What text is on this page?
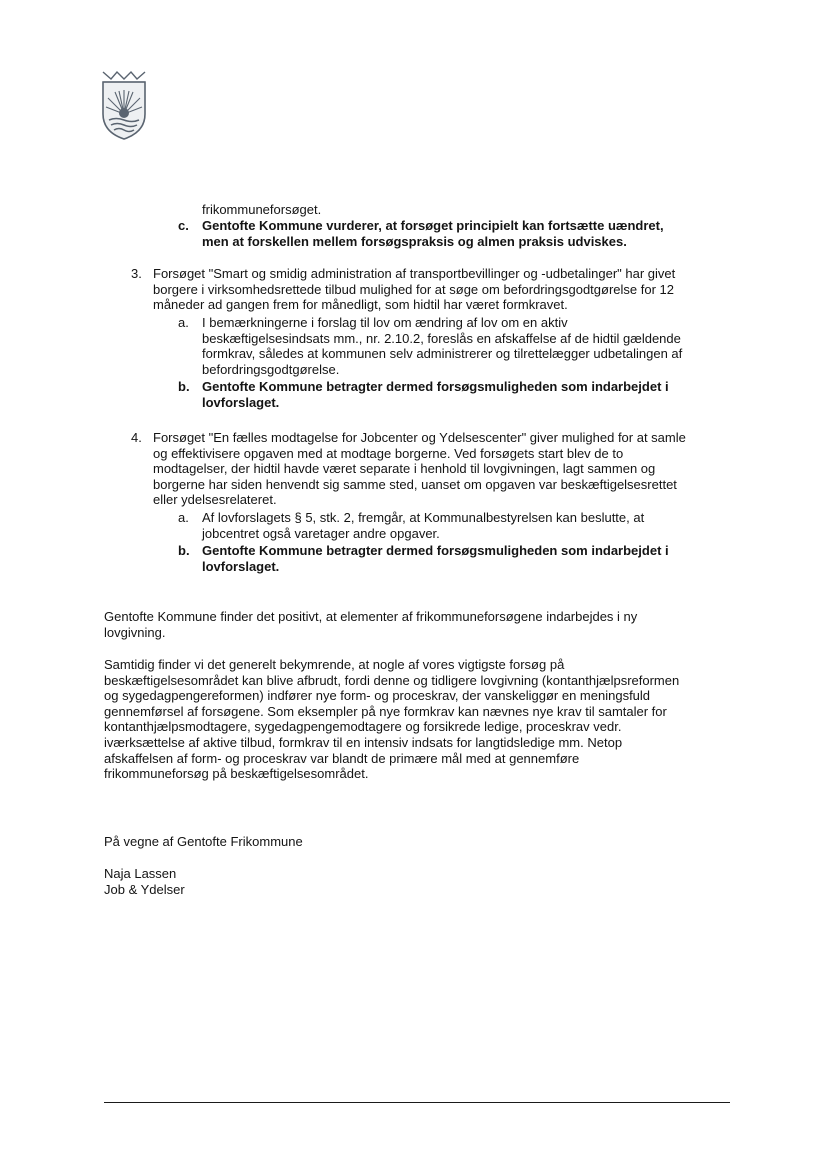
frikommuneforsøget.

c. Gentofte Kommune vurderer, at forsøget principielt kan fortsætte uændret,
men at forskellen mellem forsøgspraksis og almen praksis udviskes.

3. Forsøget "Smart og smidig administration af transportbevillinger og -udbetalinger" har givet
borgere i virksomhedsrettede tilbud mulighed for at søge om befordringsgodtgørelse for 12
måneder ad gangen frem for månedligt, som hidtil har været formkravet.

a. I bemærkningerne i forslag til lov om ændring af lov om en aktiv
beskæftigelsesindsats mm., nr. 2.10.2, foreslås en afskaffelse af de hidtil gældende
formkrav, således at kommunen selv administrerer og tilrettelægger udbetalingen af
befordringsgodtgørelse.

b. Gentofte Kommune betragter dermed forsøgsmuligheden som indarbejdet i
lovforslaget.

4. Forsøget "En fælles modtagelse for Jobcenter og Ydelsescenter" giver mulighed for at samle
og effektivisere opgaven med at modtage borgerne. Ved forsøgets start blev de to
modtagelser, der hidtil havde været separate i henhold til lovgivningen, lagt sammen og
borgerne har siden henvendt sig samme sted, uanset om opgaven var beskæftigelsesrettet
eller ydelsesrelateret.

a. Af lovforslagets § 5, stk. 2, fremgår, at Kommunalbestyrelsen kan beslutte, at
jobcentret også varetager andre opgaver.

b. Gentofte Kommune betragter dermed forsøgsmuligheden som indarbejdet i
lovforslaget.

Gentofte Kommune finder det positivt, at elementer af frikommuneforsøgene indarbejdes i ny
lovgivning.

Samtidig finder vi det generelt bekymrende, at nogle af vores vigtigste forsøg på
beskæftigelsesområdet kan blive afbrudt, fordi denne og tidligere lovgivning (kontanthjælpsreformen
og sygedagpengereformen) indfører nye form- og proceskrav, der vanskeliggør en meningsfuld
gennemførsel af forsøgene. Som eksempler på nye formkrav kan nævnes nye krav til samtaler for
kontanthjælpsmodtagere, sygedagpengemodtagere og forsikrede ledige, proceskrav vedr.
iværksættelse af aktive tilbud, formkrav til en intensiv indsats for langtidsledige mm. Netop
afskaffelsen af form- og proceskrav var blandt de primære mål med at gennemføre
frikommuneforsøg på beskæftigelsesområdet.

På vegne af Gentofte Frikommune

Naja Lassen
Job & Ydelser
